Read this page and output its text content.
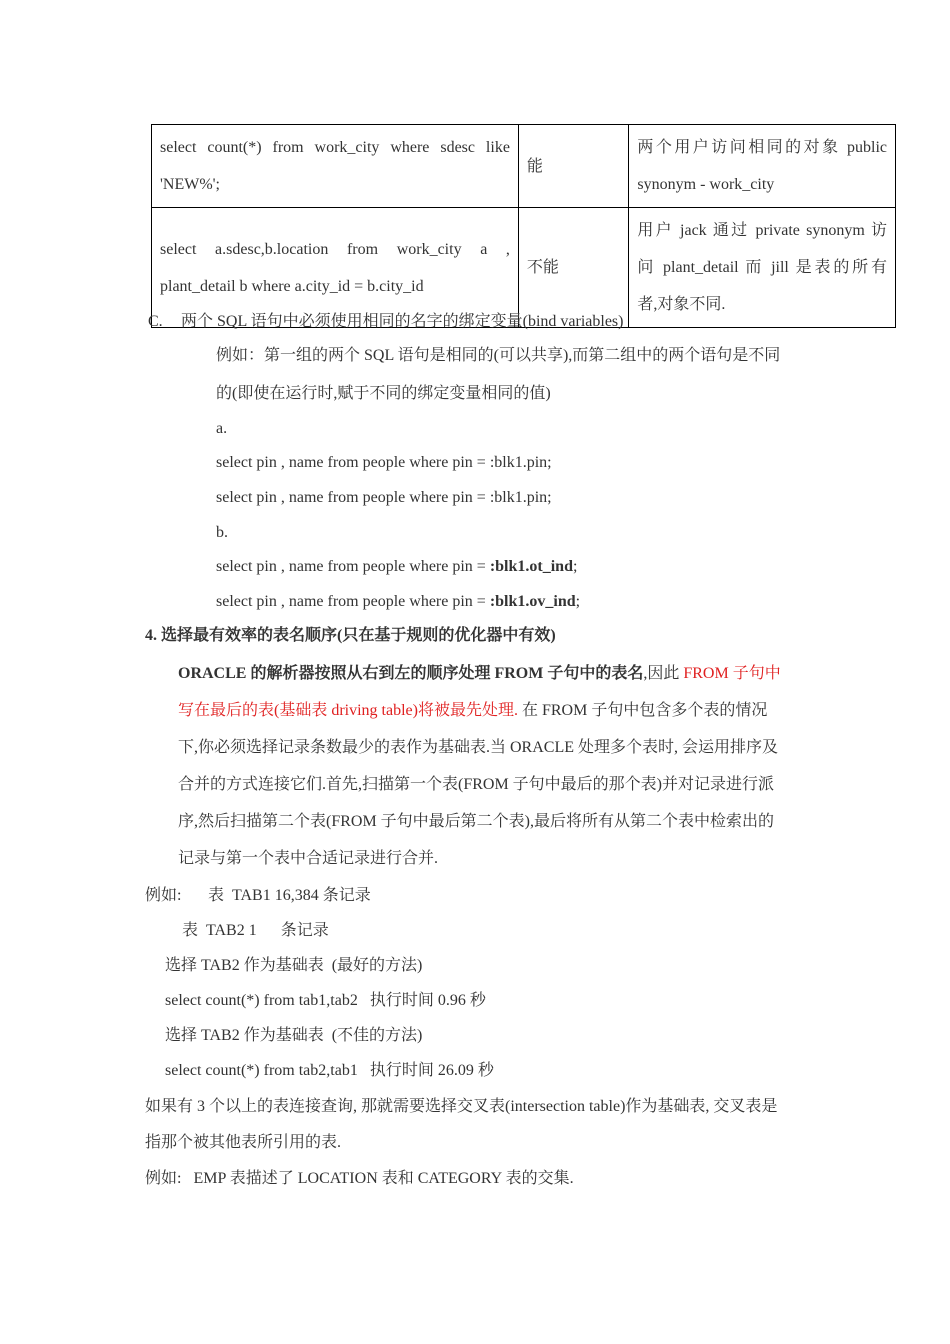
select count(*) from work_city where sdesc like
'NEW%';	能	两个用户访问相同的对象 public
synonym - work_city

select a.sdesc,b.location from work_city a ,
plant_detail b where a.city_id = b.city_id	不能	用户 jack 通过 private synonym 访
问 plant_detail 而 jill 是表的所有
者,对象不同.
C. 两个 SQL 语句中必须使用相同的名字的绑定变量(bind variables)
例如：第一组的两个 SQL 语句是相同的(可以共享),而第二组中的两个语句是不同
的(即使在运行时,赋于不同的绑定变量相同的值)
a.
select pin , name from people where pin = :blk1.pin;
select pin , name from people where pin = :blk1.pin;
b.
select pin , name from people where pin = :blk1.ot_ind;
select pin , name from people where pin = :blk1.ov_ind;
4. 选择最有效率的表名顺序(只在基于规则的优化器中有效)
ORACLE 的解析器按照从右到左的顺序处理 FROM 子句中的表名,因此 FROM 子句中
写在最后的表(基础表 driving table)将被最先处理. 在 FROM 子句中包含多个表的情况
下,你必须选择记录条数最少的表作为基础表.当 ORACLE 处理多个表时, 会运用排序及
合并的方式连接它们.首先,扫描第一个表(FROM 子句中最后的那个表)并对记录进行派
序,然后扫描第二个表(FROM 子句中最后第二个表),最后将所有从第二个表中检索出的
记录与第一个表中合适记录进行合并.
例如: 表  TAB1 16,384 条记录
表  TAB2 1      条记录
选择 TAB2 作为基础表  (最好的方法)
select count(*) from tab1,tab2   执行时间 0.96 秒
选择 TAB2 作为基础表  (不佳的方法)
select count(*) from tab2,tab1   执行时间 26.09 秒
如果有 3 个以上的表连接查询, 那就需要选择交叉表(intersection table)作为基础表, 交叉表是
指那个被其他表所引用的表.
例如:   EMP 表描述了 LOCATION 表和 CATEGORY 表的交集.
